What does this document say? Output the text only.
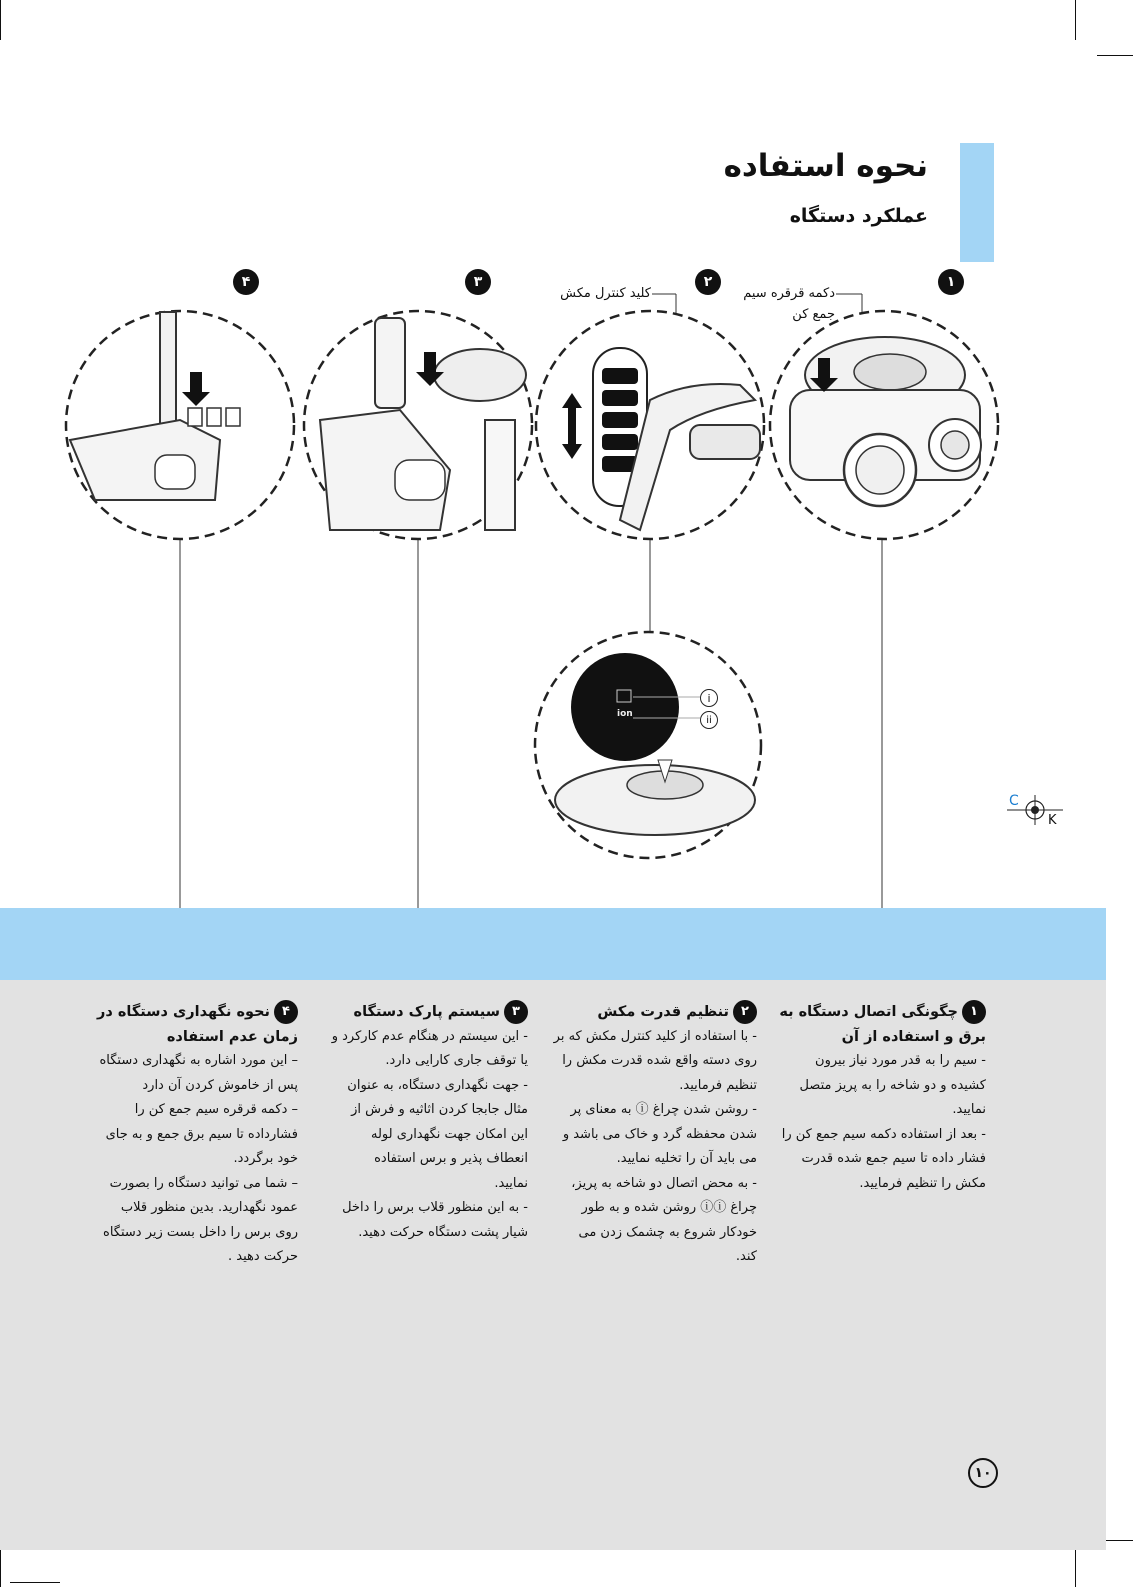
نحوه استفاده
عملکرد دستگاه
۱
۲
۳
۴
دکمه قرقره سیم
جمع کن
کلید کنترل مکش
ion
i
ii
C
K
۱چگونگی اتصال دستگاه به برق و استفاده از آن

- سیم را به قدر مورد نیاز بیرون

کشیده و دو شاخه را به پریز متصل

نمایید.

- بعد از استفاده دکمه سیم جمع کن را

فشار داده تا سیم جمع شده قدرت

مکش را تنظیم فرمایید.

۲تنظیم قدرت مکش

- با استفاده از کلید کنترل مکش که بر

روی دسته واقع شده قدرت مکش را

تنظیم فرمایید.

- روشن شدن چراغ ⓘ به معنای پر

شدن محفظه گرد و خاک می باشد و

می باید آن را تخلیه نمایید.

- به محض اتصال دو شاخه به پریز،

چراغ ⓘⓘ روشن شده و به طور

خودکار شروع به چشمک زدن می

کند.

۳سیستم پارک دستگاه

- این سیستم در هنگام عدم کارکرد و

یا توقف جاری کارایی دارد.

- جهت نگهداری دستگاه، به عنوان

مثال جابجا کردن اثاثیه و فرش از

این امکان جهت نگهداری لوله

انعطاف پذیر و برس استفاده

نمایید.

- به این منظور قلاب برس را داخل

شیار پشت دستگاه حرکت دهید.

۴نحوه نگهداری دستگاه در زمان عدم استفاده

– این مورد اشاره به نگهداری دستگاه

پس از خاموش کردن آن دارد

– دکمه قرقره سیم جمع کن را

فشارداده تا سیم برق جمع و به جای

خود برگردد.

– شما می توانید دستگاه را بصورت

عمود نگهدارید. بدین منظور قلاب

روی برس را داخل بست زیر دستگاه

حرکت دهید .

۱۰
